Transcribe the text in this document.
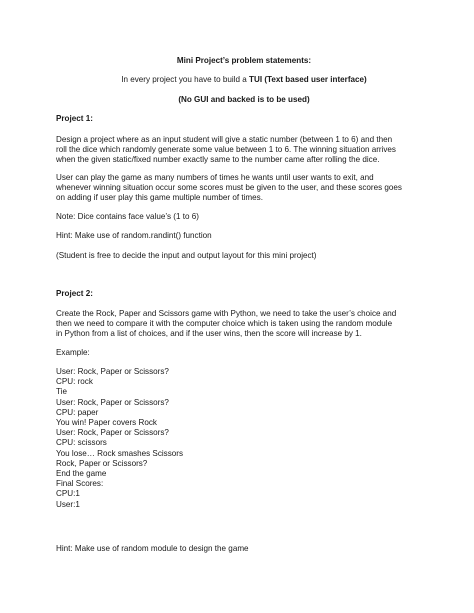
Mini Project’s problem statements:
In every project you have to build a TUI (Text based user interface)
(No GUI and backed is to be used)
Project 1:
Design a project where as an input student will give a static number (between 1 to 6) and then
roll the dice which randomly generate some value between 1 to 6. The winning situation arrives
when the given static/fixed number exactly same to the number came after rolling the dice.
User can play the game as many numbers of times he wants until user wants to exit, and
whenever winning situation occur some scores must be given to the user, and these scores goes
on adding if user play this game multiple number of times.
Note: Dice contains face value’s (1 to 6)
Hint: Make use of random.randint() function
(Student is free to decide the input and output layout for this mini project)
Project 2:
Create the Rock, Paper and Scissors game with Python, we need to take the user’s choice and
then we need to compare it with the computer choice which is taken using the random module
in Python from a list of choices, and if the user wins, then the score will increase by 1.
Example:
User: Rock, Paper or Scissors?
CPU: rock
Tie
User: Rock, Paper or Scissors?
CPU: paper
You win! Paper covers Rock
User: Rock, Paper or Scissors?
CPU: scissors
You lose… Rock smashes Scissors
Rock, Paper or Scissors?
End the game
Final Scores:
CPU:1
User:1
Hint: Make use of random module to design the game
